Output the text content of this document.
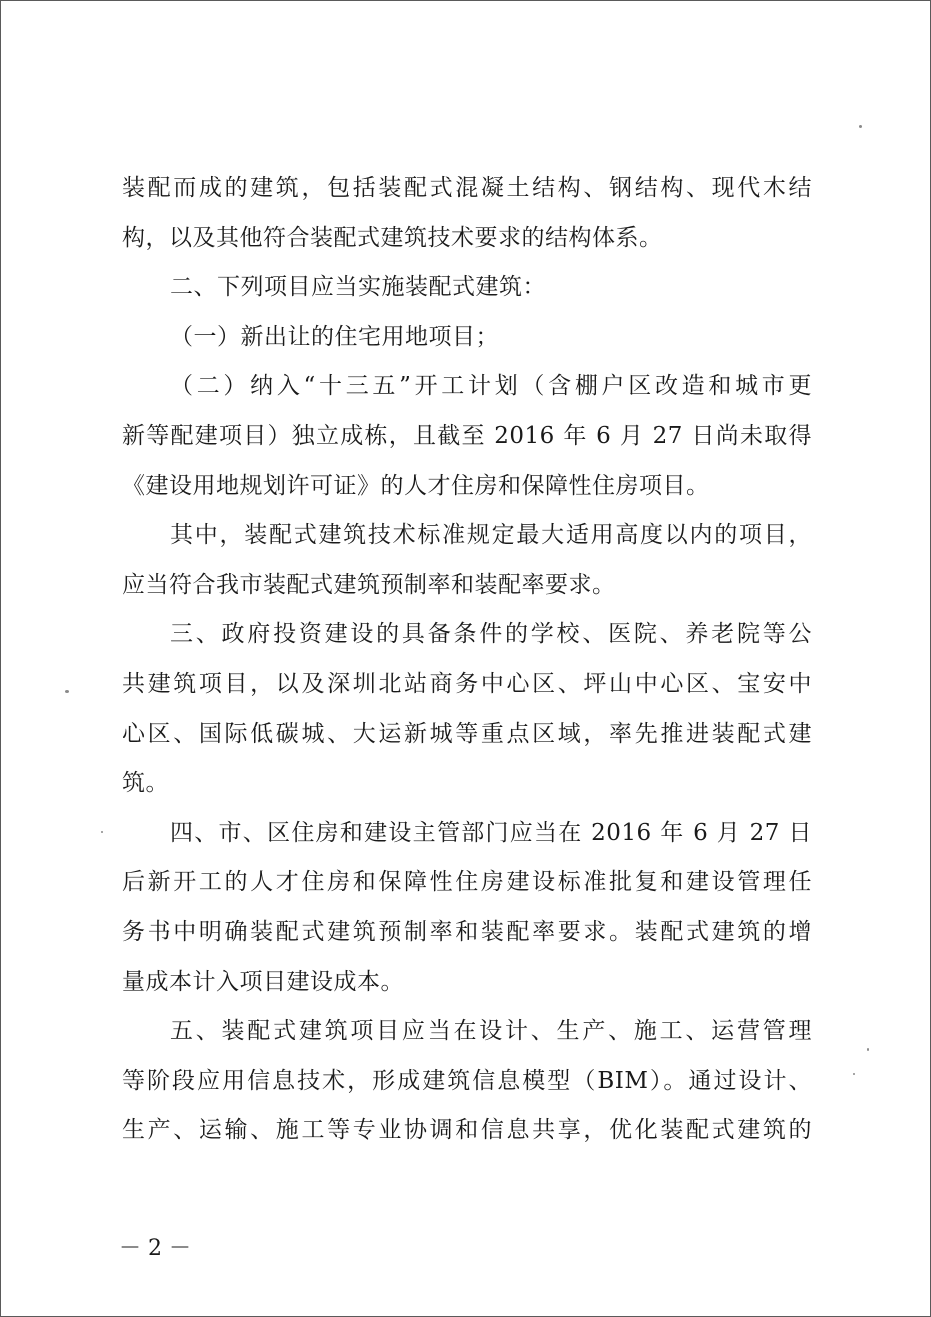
装配而成的建筑，包括装配式混凝土结构、钢结构、现代木结
构，以及其他符合装配式建筑技术要求的结构体系。
二、下列项目应当实施装配式建筑：
（一）新出让的住宅用地项目；
（二）纳入“十三五”开工计划（含棚户区改造和城市更
新等配建项目）独立成栋，且截至 2016 年 6 月 27 日尚未取得
《建设用地规划许可证》的人才住房和保障性住房项目。
其中，装配式建筑技术标准规定最大适用高度以内的项目，
应当符合我市装配式建筑预制率和装配率要求。
三、政府投资建设的具备条件的学校、医院、养老院等公
共建筑项目，以及深圳北站商务中心区、坪山中心区、宝安中
心区、国际低碳城、大运新城等重点区域，率先推进装配式建
筑。
四、市、区住房和建设主管部门应当在 2016 年 6 月 27 日
后新开工的人才住房和保障性住房建设标准批复和建设管理任
务书中明确装配式建筑预制率和装配率要求。装配式建筑的增
量成本计入项目建设成本。
五、装配式建筑项目应当在设计、生产、施工、运营管理
等阶段应用信息技术，形成建筑信息模型（BIM）。通过设计、
生产、运输、施工等专业协调和信息共享，优化装配式建筑的
－ 2 －
